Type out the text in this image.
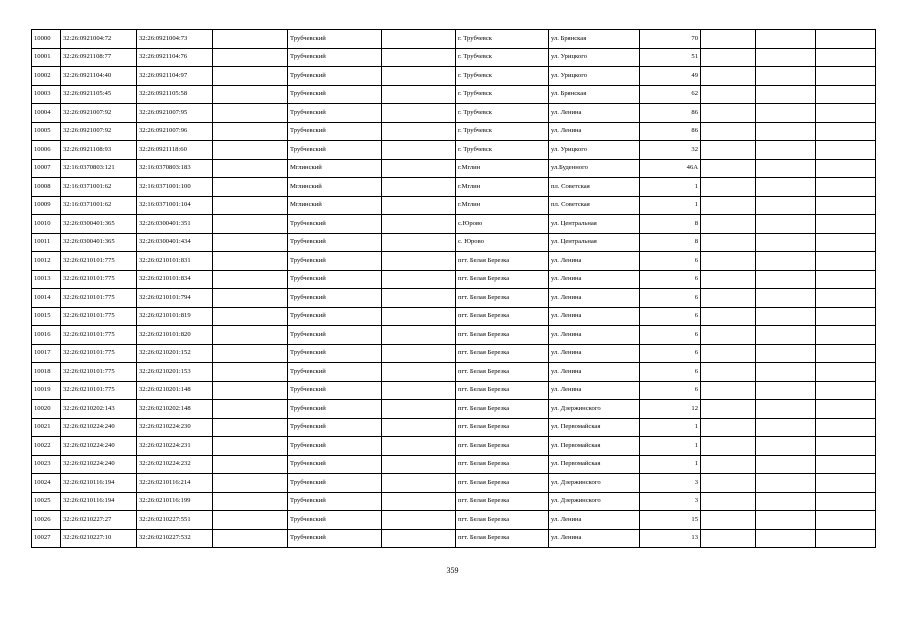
10000	32:26:0921004:72	32:26:0921004:73		Трубчевский		г. Трубчевск	ул. Брянская	70			
10001	32:26:0921108:77	32:26:0921104:76		Трубчевский		г. Трубчевск	ул. Урицкого	51			
10002	32:26:0921104:40	32:26:0921104:97		Трубчевский		г. Трубчевск	ул. Урицкого	49			
10003	32:26:0921105:45	32:26:0921105:58		Трубчевский		г. Трубчевск	ул. Брянская	62			
10004	32:26:0921007:92	32:26:0921007:95		Трубчевский		г. Трубчевск	ул. Ленина	86			
10005	32:26:0921007:92	32:26:0921007:96		Трубчевский		г. Трубчевск	ул. Ленина	86			
10006	32:26:0921108:93	32:26:0921118:60		Трубчевский		г. Трубчевск	ул. Урицкого	32			
10007	32:16:0370803:121	32:16:0370803:183		Мглинский		г.Мглин	ул.Буденного	46А			
10008	32:16:0371001:62	32:16:0371001:100		Мглинский		г.Мглин	пл. Советская	1			
10009	32:16:0371001:62	32:16:0371001:104		Мглинский		г.Мглин	пл. Советская	1			
10010	32:26:0300401:365	32:26:0300401:351		Трубчевский		с.Юрово	ул. Центральная	8			
10011	32:26:0300401:365	32:26:0300401:434		Трубчевский		с. Юрово	ул. Центральная	8			
10012	32:26:0210101:775	32:26:0210101:831		Трубчевский		пгт. Белая Березка	ул. Ленина	6			
10013	32:26:0210101:775	32:26:0210101:834		Трубчевский		пгт. Белая Березка	ул. Ленина	6			
10014	32:26:0210101:775	32:26:0210101:794		Трубчевский		пгт. Белая Березка	ул. Ленина	6			
10015	32:26:0210101:775	32:26:0210101:819		Трубчевский		пгт. Белая Березка	ул. Ленина	6			
10016	32:26:0210101:775	32:26:0210101:820		Трубчевский		пгт. Белая Березка	ул. Ленина	6			
10017	32:26:0210101:775	32:26:0210201:152		Трубчевский		пгт. Белая Березка	ул. Ленина	6			
10018	32:26:0210101:775	32:26:0210201:153		Трубчевский		пгт. Белая Березка	ул. Ленина	6			
10019	32:26:0210101:775	32:26:0210201:148		Трубчевский		пгт. Белая Березка	ул. Ленина	6			
10020	32:26:0210202:143	32:26:0210202:148		Трубчевский		пгт. Белая Березка	ул. Дзержинского	12			
10021	32:26:0210224:240	32:26:0210224:230		Трубчевский		пгт. Белая Березка	ул. Первомайская	1			
10022	32:26:0210224:240	32:26:0210224:231		Трубчевский		пгт. Белая Березка	ул. Первомайская	1			
10023	32:26:0210224:240	32:26:0210224:232		Трубчевский		пгт. Белая Березка	ул. Первомайская	1			
10024	32:26:0210116:194	32:26:0210116:214		Трубчевский		пгт. Белая Березка	ул. Дзержинского	3			
10025	32:26:0210116:194	32:26:0210116:199		Трубчевский		пгт. Белая Березка	ул. Дзержинского	3			
10026	32:26:0210227:27	32:26:0210227:551		Трубчевский		пгт. Белая Березка	ул. Ленина	15			
10027	32:26:0210227:10	32:26:0210227:532		Трубчевский		пгт. Белая Березка	ул. Ленина	13			
359
